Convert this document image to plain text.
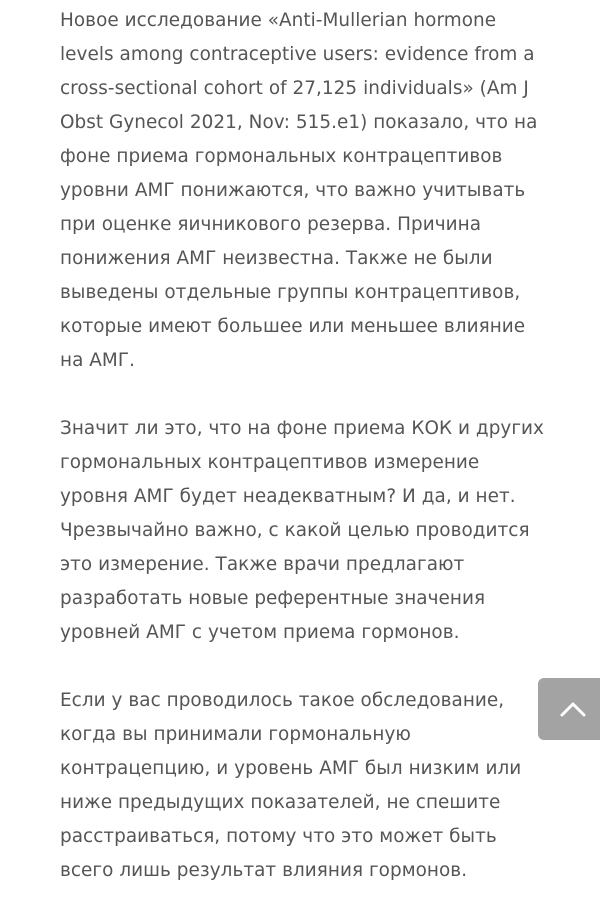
Новое исследование «Anti-Mullerian hormone
levels among contraceptive users: evidence from a
cross-sectional cohort of 27,125 individuals» (Am J
Obst Gynecol 2021, Nov: 515.e1) показало, что на
фоне приема гормональных контрацептивов
уровни АМГ понижаются, что важно учитывать
при оценке яичникового резерва. Причина
понижения АМГ неизвестна. Также не были
выведены отдельные группы контрацептивов,
которые имеют большее или меньшее влияние
на АМГ.

Значит ли это, что на фоне приема КОК и других
гормональных контрацептивов измерение
уровня АМГ будет неадекватным? И да, и нет.
Чрезвычайно важно, с какой целью проводится
это измерение. Также врачи предлагают
разработать новые референтные значения
уровней АМГ с учетом приема гормонов.

Если у вас проводилось такое обследование,
когда вы принимали гормональную
контрацепцию, и уровень АМГ был низким или
ниже предыдущих показателей, не спешите
расстраиваться, потому что это может быть
всего лишь результат влияния гормонов.
